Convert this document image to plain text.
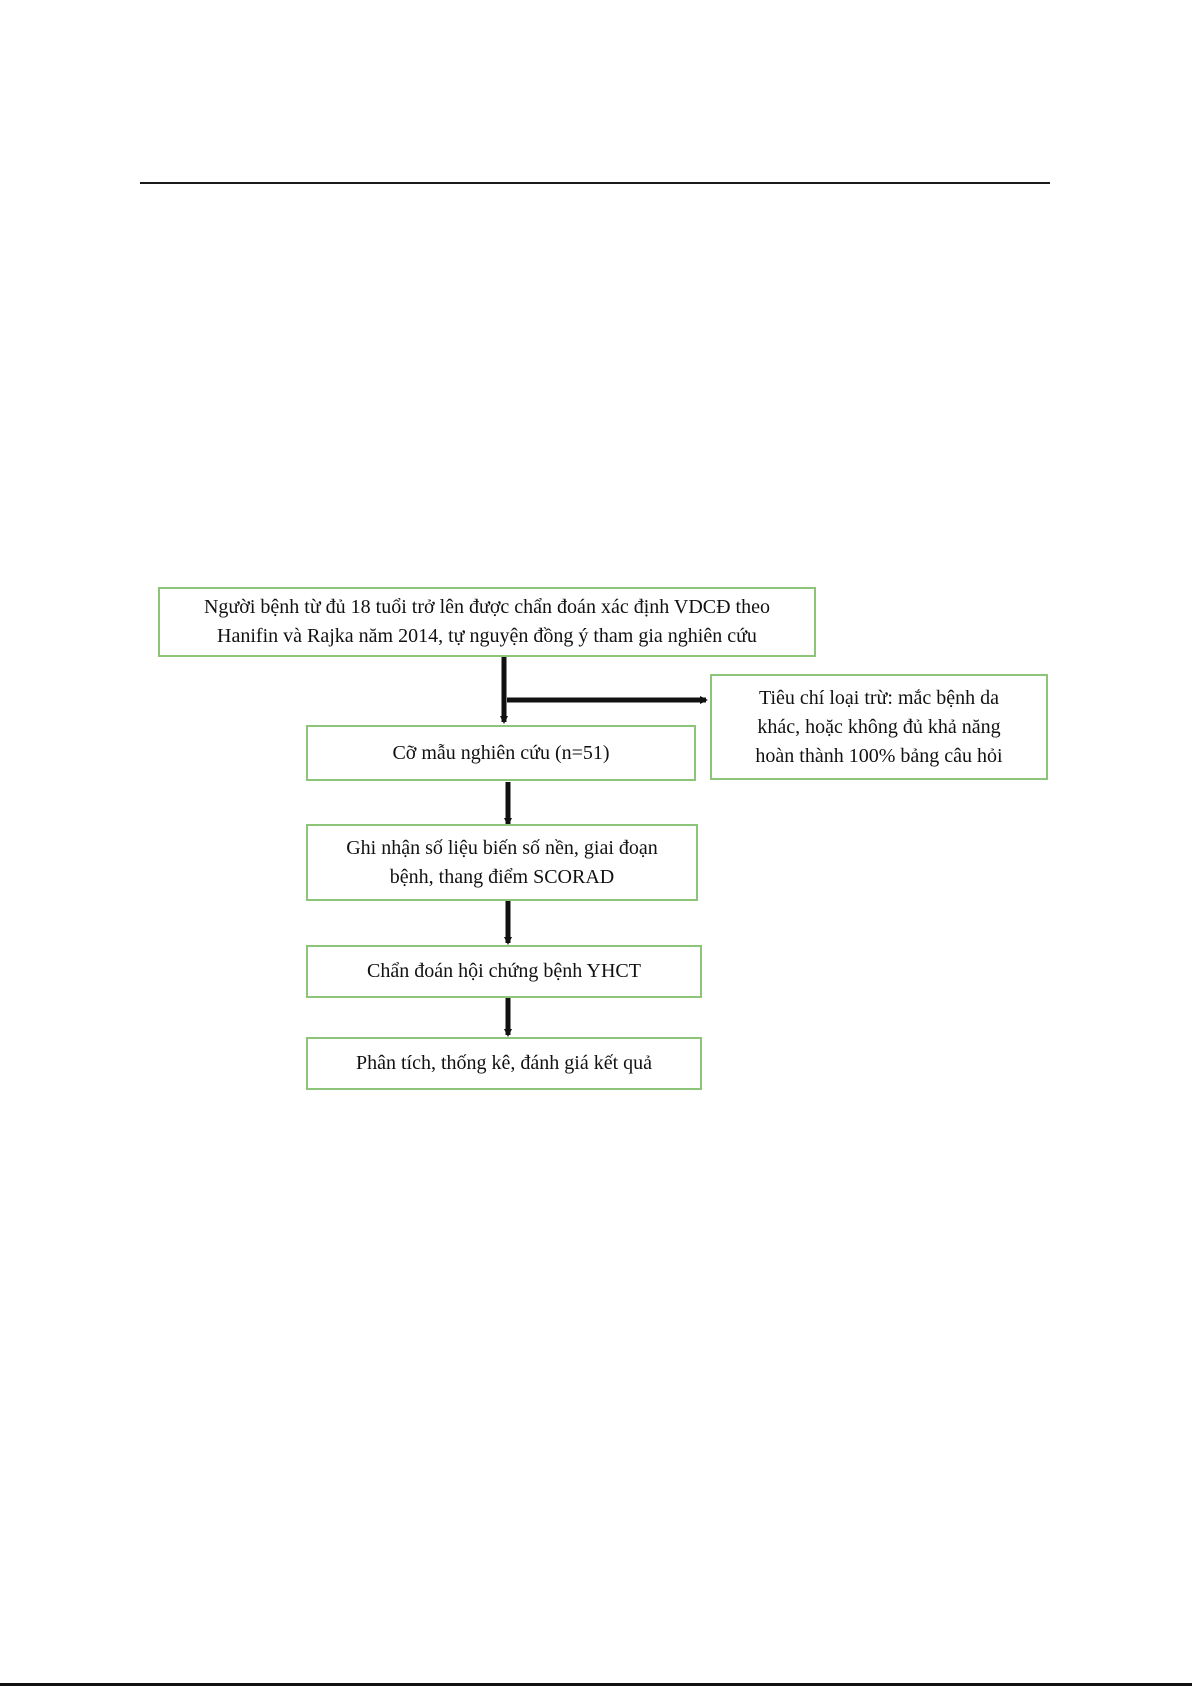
Người bệnh từ đủ 18 tuổi trở lên được chẩn đoán xác định VDCĐ theo
Hanifin và Rajka năm 2014, tự nguyện đồng ý tham gia nghiên cứu
Cỡ mẫu nghiên cứu (n=51)
Tiêu chí loại trừ: mắc bệnh da
khác, hoặc không đủ khả năng
hoàn thành 100% bảng câu hỏi
Ghi nhận số liệu biến số nền, giai đoạn
bệnh, thang điểm SCORAD
Chẩn đoán hội chứng bệnh YHCT
Phân tích, thống kê, đánh giá kết quả
